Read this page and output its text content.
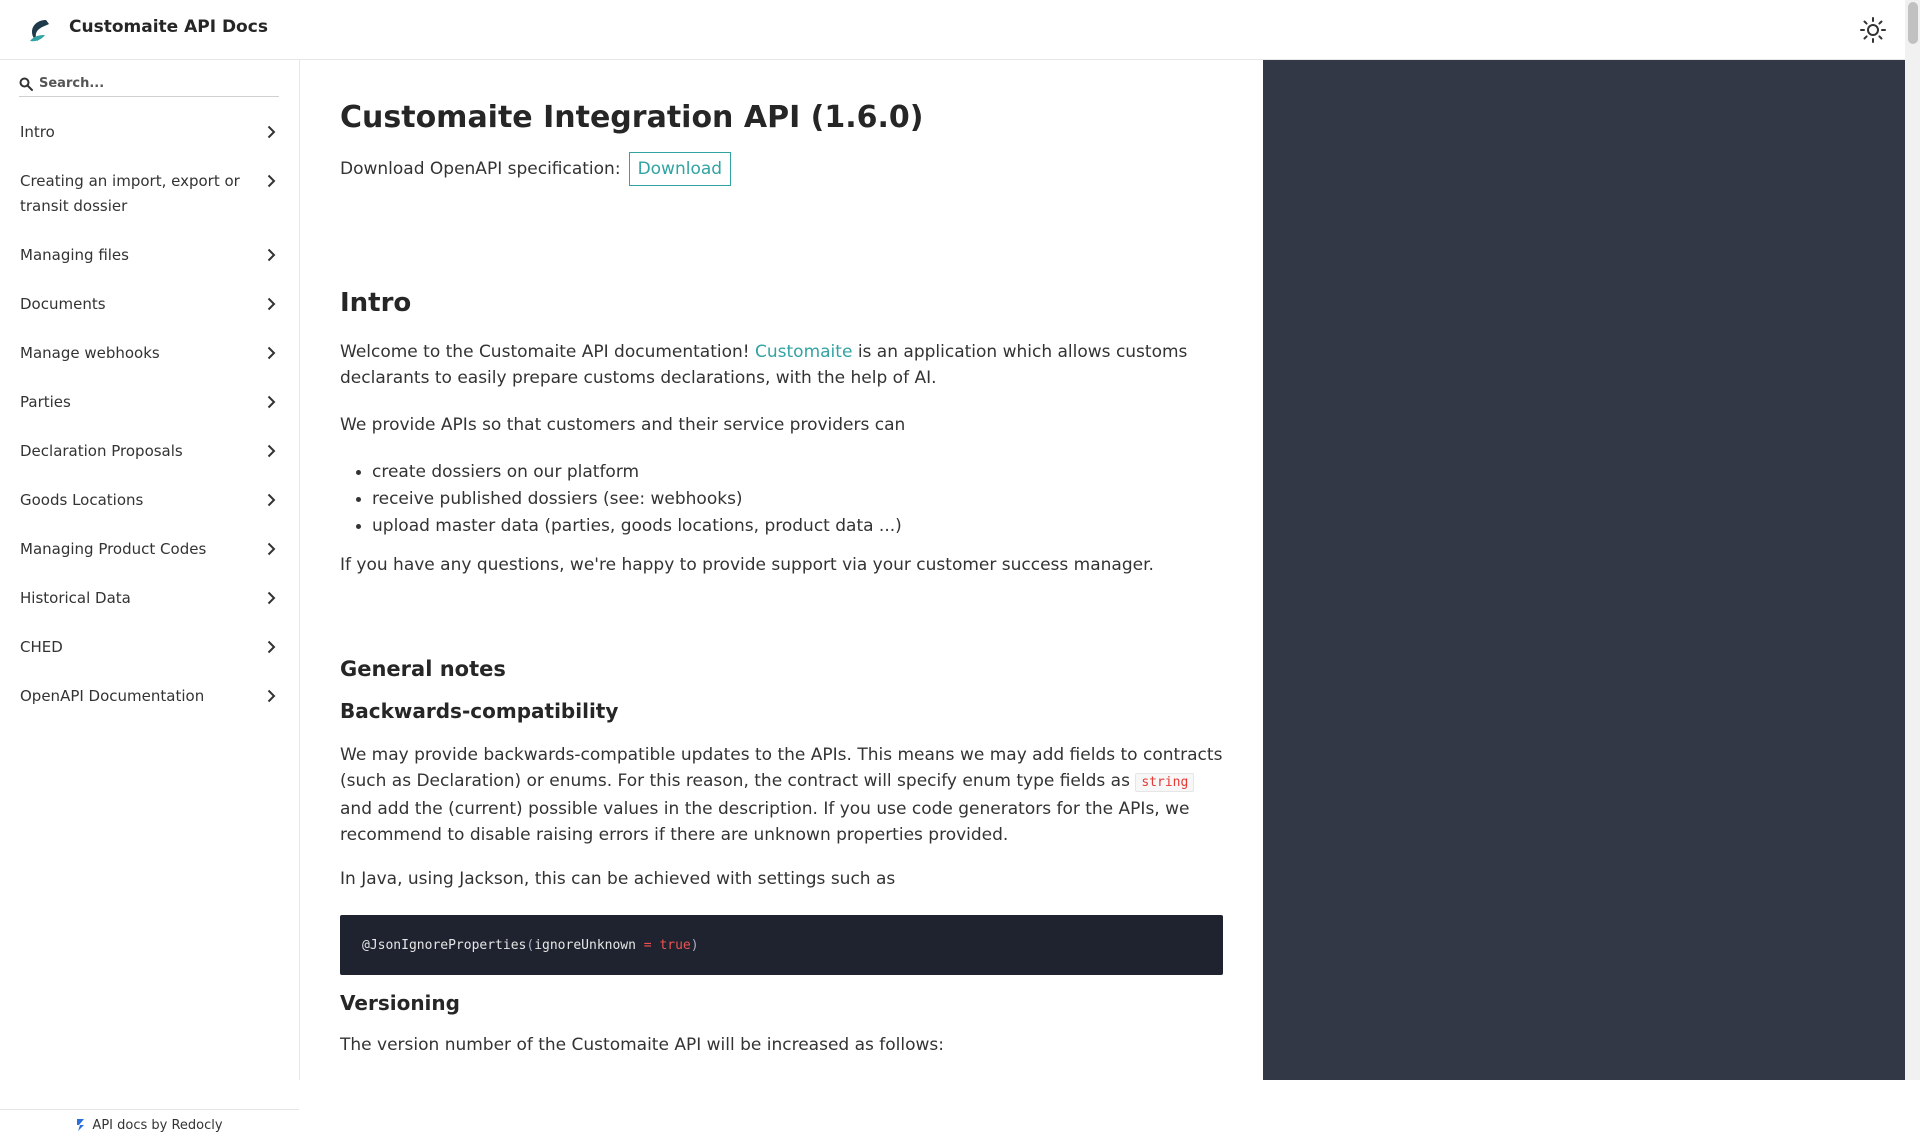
Customaite API Docs
Search...
Intro
Creating an import, export or transit dossier
Managing files
Documents
Manage webhooks
Parties
Declaration Proposals
Goods Locations
Managing Product Codes
Historical Data
CHED
OpenAPI Documentation
API docs by Redocly
Customaite Integration API (1.6.0)
Download OpenAPI specification:	Download
Intro

Welcome to the Customaite API documentation! Customaite is an application which allows customs declarants to easily prepare customs declarations, with the help of AI.

We provide APIs so that customers and their service providers can

create dossiers on our platform
receive published dossiers (see: webhooks)
upload master data (parties, goods locations, product data ...)

If you have any questions, we're happy to provide support via your customer success manager.

General notes
Backwards-compatibility

We may provide backwards-compatible updates to the APIs. This means we may add fields to contracts (such as Declaration) or enums. For this reason, the contract will specify enum type fields as string and add the (current) possible values in the description. If you use code generators for the APIs, we recommend to disable raising errors if there are unknown properties provided.

In Java, using Jackson, this can be achieved with settings such as

@JsonIgnoreProperties ( ignoreUnknown = true )
Versioning

The version number of the Customaite API will be increased as follows:
